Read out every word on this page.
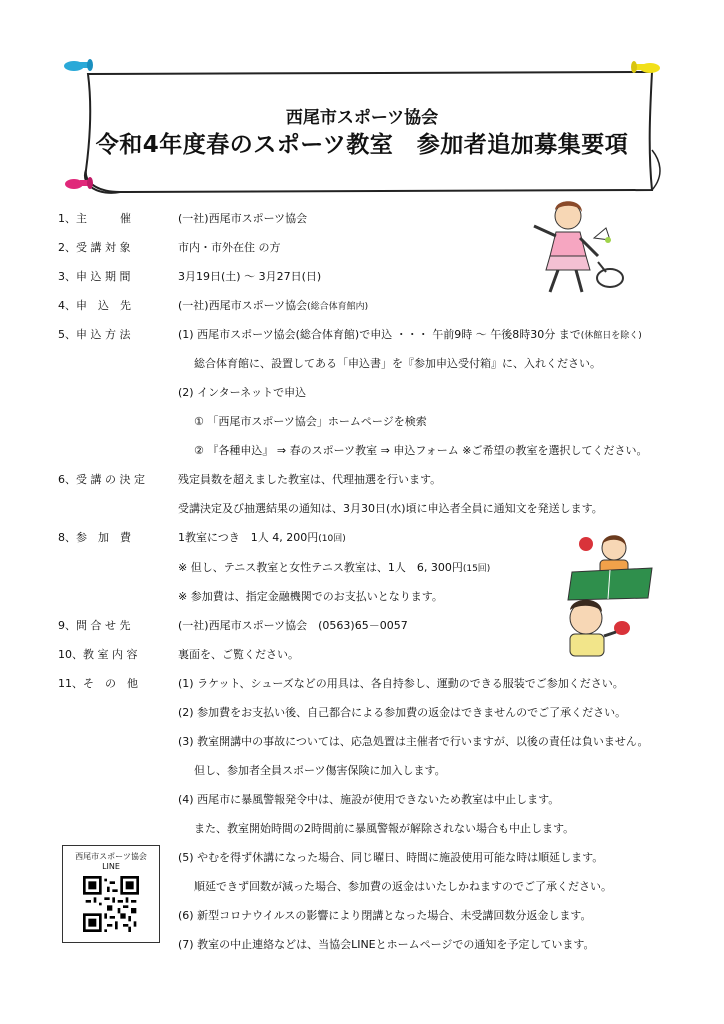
西尾市スポーツ協会
令和4年度春のスポーツ教室　参加者追加募集要項
1、主　　　催	(一社)西尾市スポーツ協会
2、受 講 対 象	市内・市外在住 の方
3、申 込 期 間	3月19日(土) ～ 3月27日(日)
4、申　込　先	(一社)西尾市スポーツ協会(総合体育館内)
5、申 込 方 法	(1) 西尾市スポーツ協会(総合体育館)で申込 ・・・ 午前9時 ～ 午後8時30分 まで(休館日を除く)
総合体育館に、設置してある「申込書」を『参加申込受付箱』に、入れください。
(2) インターネットで申込
① 「西尾市スポーツ協会」ホームページを検索
② 『各種申込』 ⇒ 春のスポーツ教室 ⇒ 申込フォーム ※ご希望の教室を選択してください。
6、受 講 の 決 定	残定員数を超えました教室は、代理抽選を行います。
受講決定及び抽選結果の通知は、3月30日(水)頃に申込者全員に通知文を発送します。
8、参　加　費	1教室につき　1人 4, 200円(10回)
※ 但し、テニス教室と女性テニス教室は、1人　6, 300円(15回)
※ 参加費は、指定金融機関でのお支払いとなります。
9、問 合 せ 先	(一社)西尾市スポーツ協会　(0563)65－0057
10、教 室 内 容	裏面を、ご覧ください。
11、そ　の　他	(1) ラケット、シューズなどの用具は、各自持参し、運動のできる服装でご参加ください。
(2) 参加費をお支払い後、自己都合による参加費の返金はできませんのでご了承ください。
(3) 教室開講中の事故については、応急処置は主催者で行いますが、以後の責任は負いません。
但し、参加者全員スポーツ傷害保険に加入します。
(4) 西尾市に暴風警報発令中は、施設が使用できないため教室は中止します。
また、教室開始時間の2時間前に暴風警報が解除されない場合も中止します。
(5) やむを得ず休講になった場合、同じ曜日、時間に施設使用可能な時は順延します。
順延できず回数が減った場合、参加費の返金はいたしかねますのでご了承ください。
(6) 新型コロナウイルスの影響により閉講となった場合、未受講回数分返金します。
(7) 教室の中止連絡などは、当協会LINEとホームページでの通知を予定しています。
西尾市スポーツ協会
LINE
